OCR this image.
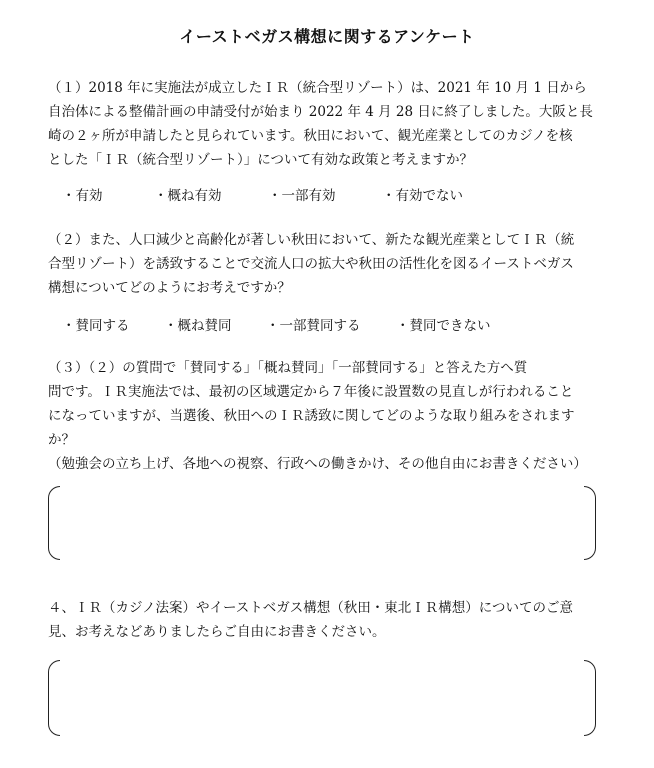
イーストベガス構想に関するアンケート
（１）2018 年に実施法が成立したＩＲ（統合型リゾート）は、2021 年 10 月 1 日から
自治体による整備計画の申請受付が始まり 2022 年 4 月 28 日に終了しました。大阪と長
崎の２ヶ所が申請したと見られています。秋田において、観光産業としてのカジノを核
とした「ＩＲ（統合型リゾート）」について有効な政策と考えますか？
・有効	・概ね有効	・一部有効	・有効でない
（２）また、人口減少と高齢化が著しい秋田において、新たな観光産業としてＩＲ（統
合型リゾート）を誘致することで交流人口の拡大や秋田の活性化を図るイーストベガス
構想についてどのようにお考えですか？
・賛同する	・概ね賛同	・一部賛同する	・賛同できない
（３）（２）の質問で「賛同する」「概ね賛同」「一部賛同する」と答えた方へ質
問です。ＩＲ実施法では、最初の区域選定から７年後に設置数の見直しが行われること
になっていますが、当選後、秋田へのＩＲ誘致に関してどのような取り組みをされます
か？
（勉強会の立ち上げ、各地への視察、行政への働きかけ、その他自由にお書きください）
４、ＩＲ（カジノ法案）やイーストベガス構想（秋田・東北ＩＲ構想）についてのご意
見、お考えなどありましたらご自由にお書きください。
